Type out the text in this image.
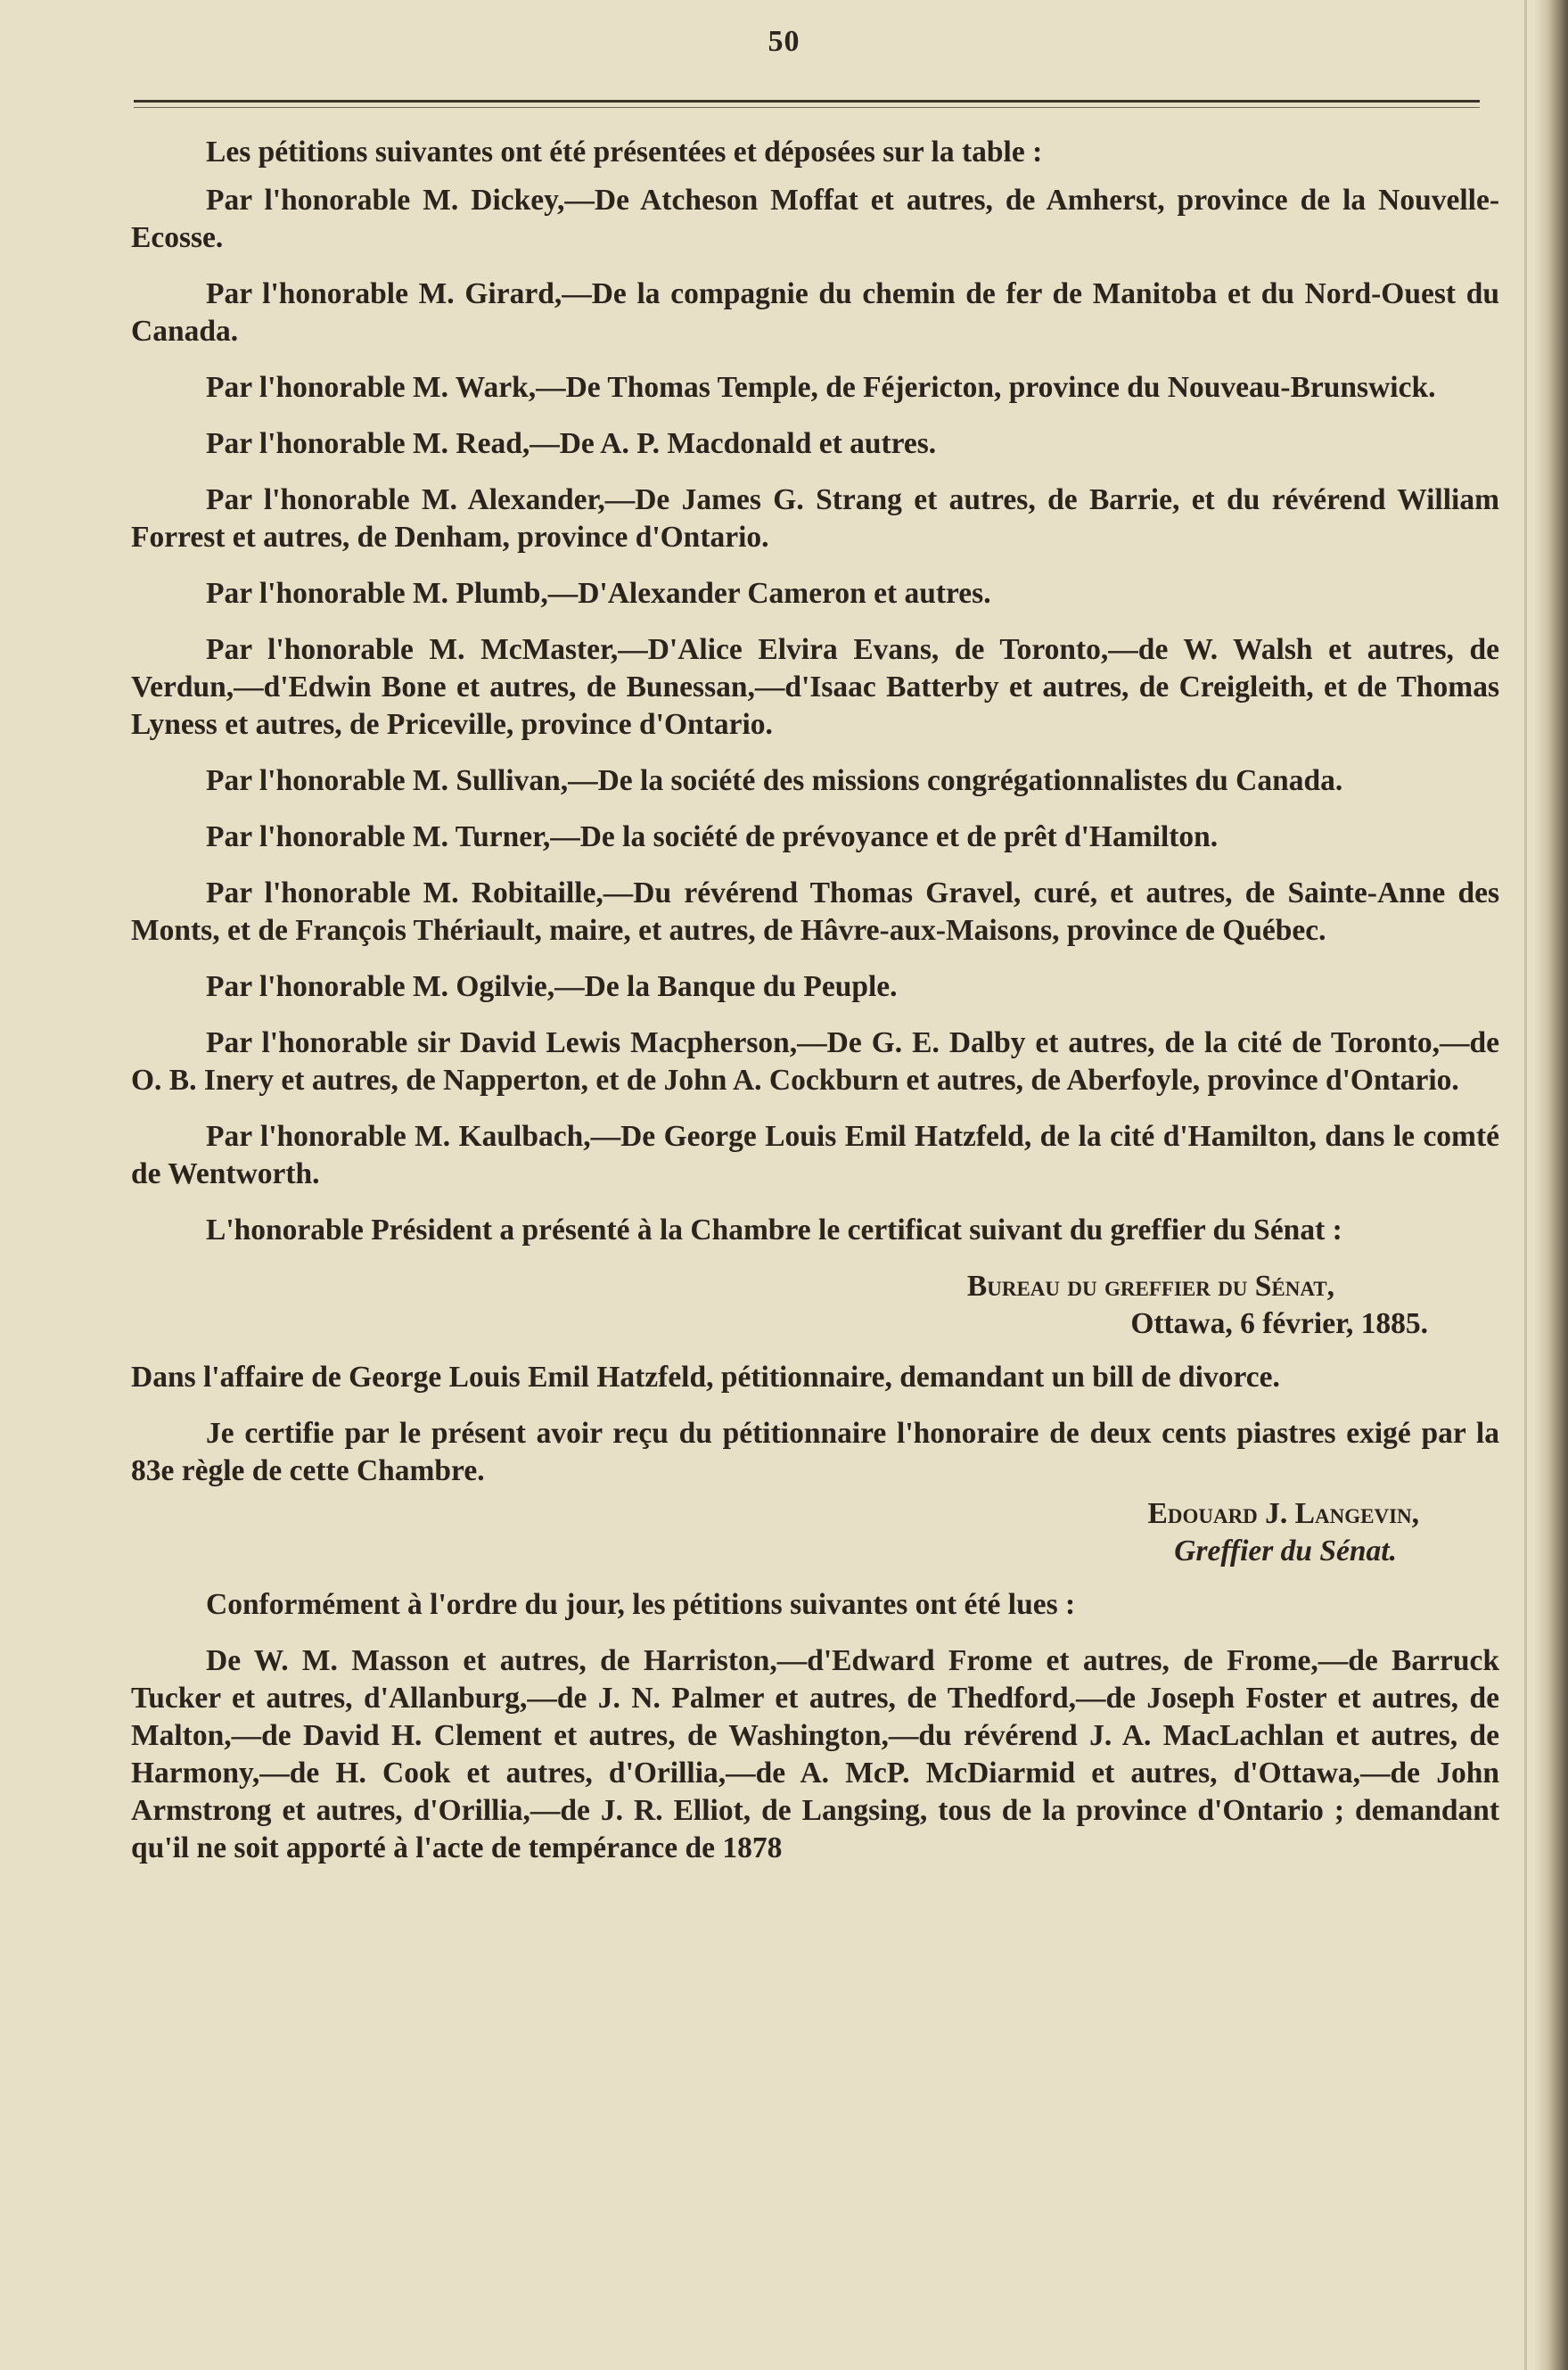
50

Les pétitions suivantes ont été présentées et déposées sur la table :

Par l'honorable M. Dickey,—De Atcheson Moffat et autres, de Amherst, province de la Nouvelle-Ecosse.

Par l'honorable M. Girard,—De la compagnie du chemin de fer de Manitoba et du Nord-Ouest du Canada.

Par l'honorable M. Wark,—De Thomas Temple, de Féjericton, province du Nouveau-Brunswick.

Par l'honorable M. Read,—De A. P. Macdonald et autres.

Par l'honorable M. Alexander,—De James G. Strang et autres, de Barrie, et du révérend William Forrest et autres, de Denham, province d'Ontario.

Par l'honorable M. Plumb,—D'Alexander Cameron et autres.

Par l'honorable M. McMaster,—D'Alice Elvira Evans, de Toronto,—de W. Walsh et autres, de Verdun,—d'Edwin Bone et autres, de Bunessan,—d'Isaac Batterby et autres, de Creigleith, et de Thomas Lyness et autres, de Priceville, province d'Ontario.

Par l'honorable M. Sullivan,—De la société des missions congrégationnalistes du Canada.

Par l'honorable M. Turner,—De la société de prévoyance et de prêt d'Hamilton.

Par l'honorable M. Robitaille,—Du révérend Thomas Gravel, curé, et autres, de Sainte-Anne des Monts, et de François Thériault, maire, et autres, de Hâvre-aux-Maisons, province de Québec.

Par l'honorable M. Ogilvie,—De la Banque du Peuple.

Par l'honorable sir David Lewis Macpherson,—De G. E. Dalby et autres, de la cité de Toronto,—de O. B. Inery et autres, de Napperton, et de John A. Cockburn et autres, de Aberfoyle, province d'Ontario.

Par l'honorable M. Kaulbach,—De George Louis Emil Hatzfeld, de la cité d'Hamilton, dans le comté de Wentworth.

L'honorable Président a présenté à la Chambre le certificat suivant du greffier du Sénat :

Bureau du greffier du Sénat,
Ottawa, 6 février, 1885.

Dans l'affaire de George Louis Emil Hatzfeld, pétitionnaire, demandant un bill de divorce.

Je certifie par le présent avoir reçu du pétitionnaire l'honoraire de deux cents piastres exigé par la 83e règle de cette Chambre.

Edouard J. Langevin,
Greffier du Sénat.

Conformément à l'ordre du jour, les pétitions suivantes ont été lues :

De W. M. Masson et autres, de Harriston,—d'Edward Frome et autres, de Frome,—de Barruck Tucker et autres, d'Allanburg,—de J. N. Palmer et autres, de Thedford,—de Joseph Foster et autres, de Malton,—de David H. Clement et autres, de Washington,—du révérend J. A. MacLachlan et autres, de Harmony,—de H. Cook et autres, d'Orillia,—de A. McP. McDiarmid et autres, d'Ottawa,—de John Armstrong et autres, d'Orillia,—de J. R. Elliot, de Langsing, tous de la province d'Ontario ; demandant qu'il ne soit apporté à l'acte de tempérance de 1878
